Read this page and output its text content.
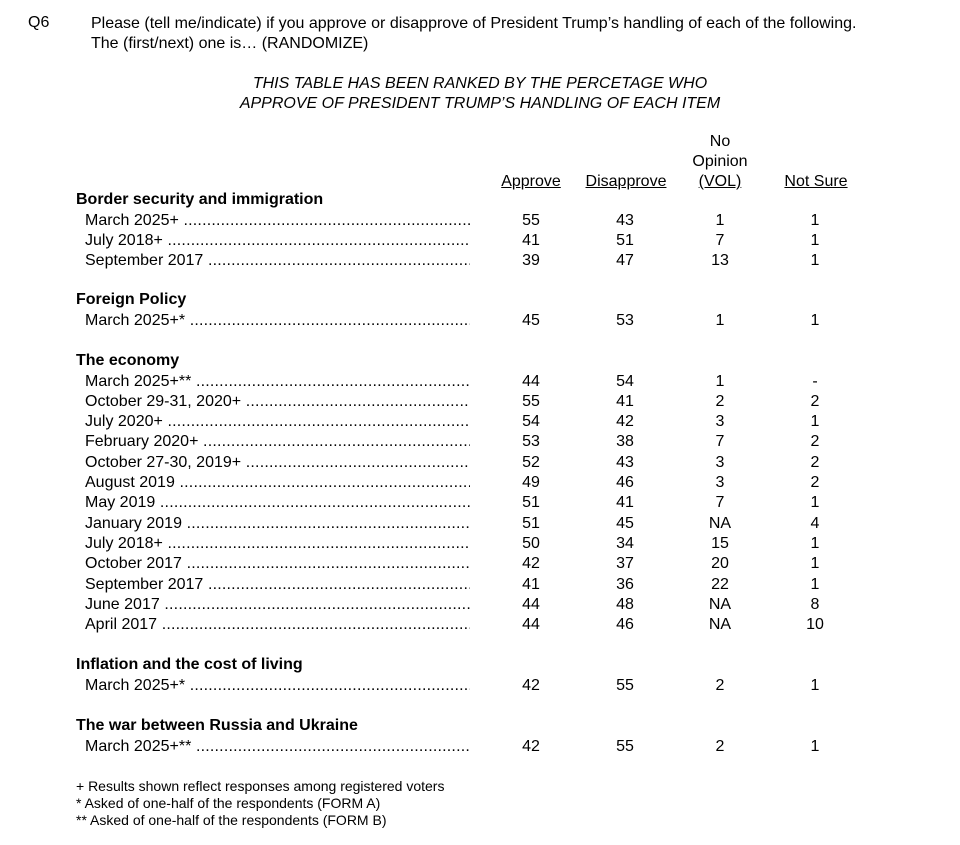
Q6	Please (tell me/indicate) if you approve or disapprove of President Trump’s handling of each of the following.
The (first/next) one is… (RANDOMIZE)
THIS TABLE HAS BEEN RANKED BY THE PERCETAGE WHO
APPROVE OF PRESIDENT TRUMP’S HANDLING OF EACH ITEM
Approve	Disapprove
No
Opinion
(VOL)	Not Sure
Border security and immigration
March 2025+ .....	55	43	1	1
July 2018+ .....	41	51	7	1
September 2017 .....	39	47	13	1
Foreign Policy
March 2025+* .....	45	53	1	1
The economy
March 2025+** .....	44	54	1	-
October 29-31, 2020+ .....	55	41	2	2
July 2020+ .....	54	42	3	1
February 2020+ .....	53	38	7	2
October 27-30, 2019+ .....	52	43	3	2
August 2019 .....	49	46	3	2
May 2019 .....	51	41	7	1
January 2019 .....	51	45	NA	4
July 2018+ .....	50	34	15	1
October 2017 .....	42	37	20	1
September 2017 .....	41	36	22	1
June 2017 .....	44	48	NA	8
April 2017 .....	44	46	NA	10
Inflation and the cost of living
March 2025+* .....	42	55	2	1
The war between Russia and Ukraine
March 2025+** .....	42	55	2	1
+ Results shown reflect responses among registered voters
* Asked of one-half of the respondents (FORM A)
** Asked of one-half of the respondents (FORM B)
